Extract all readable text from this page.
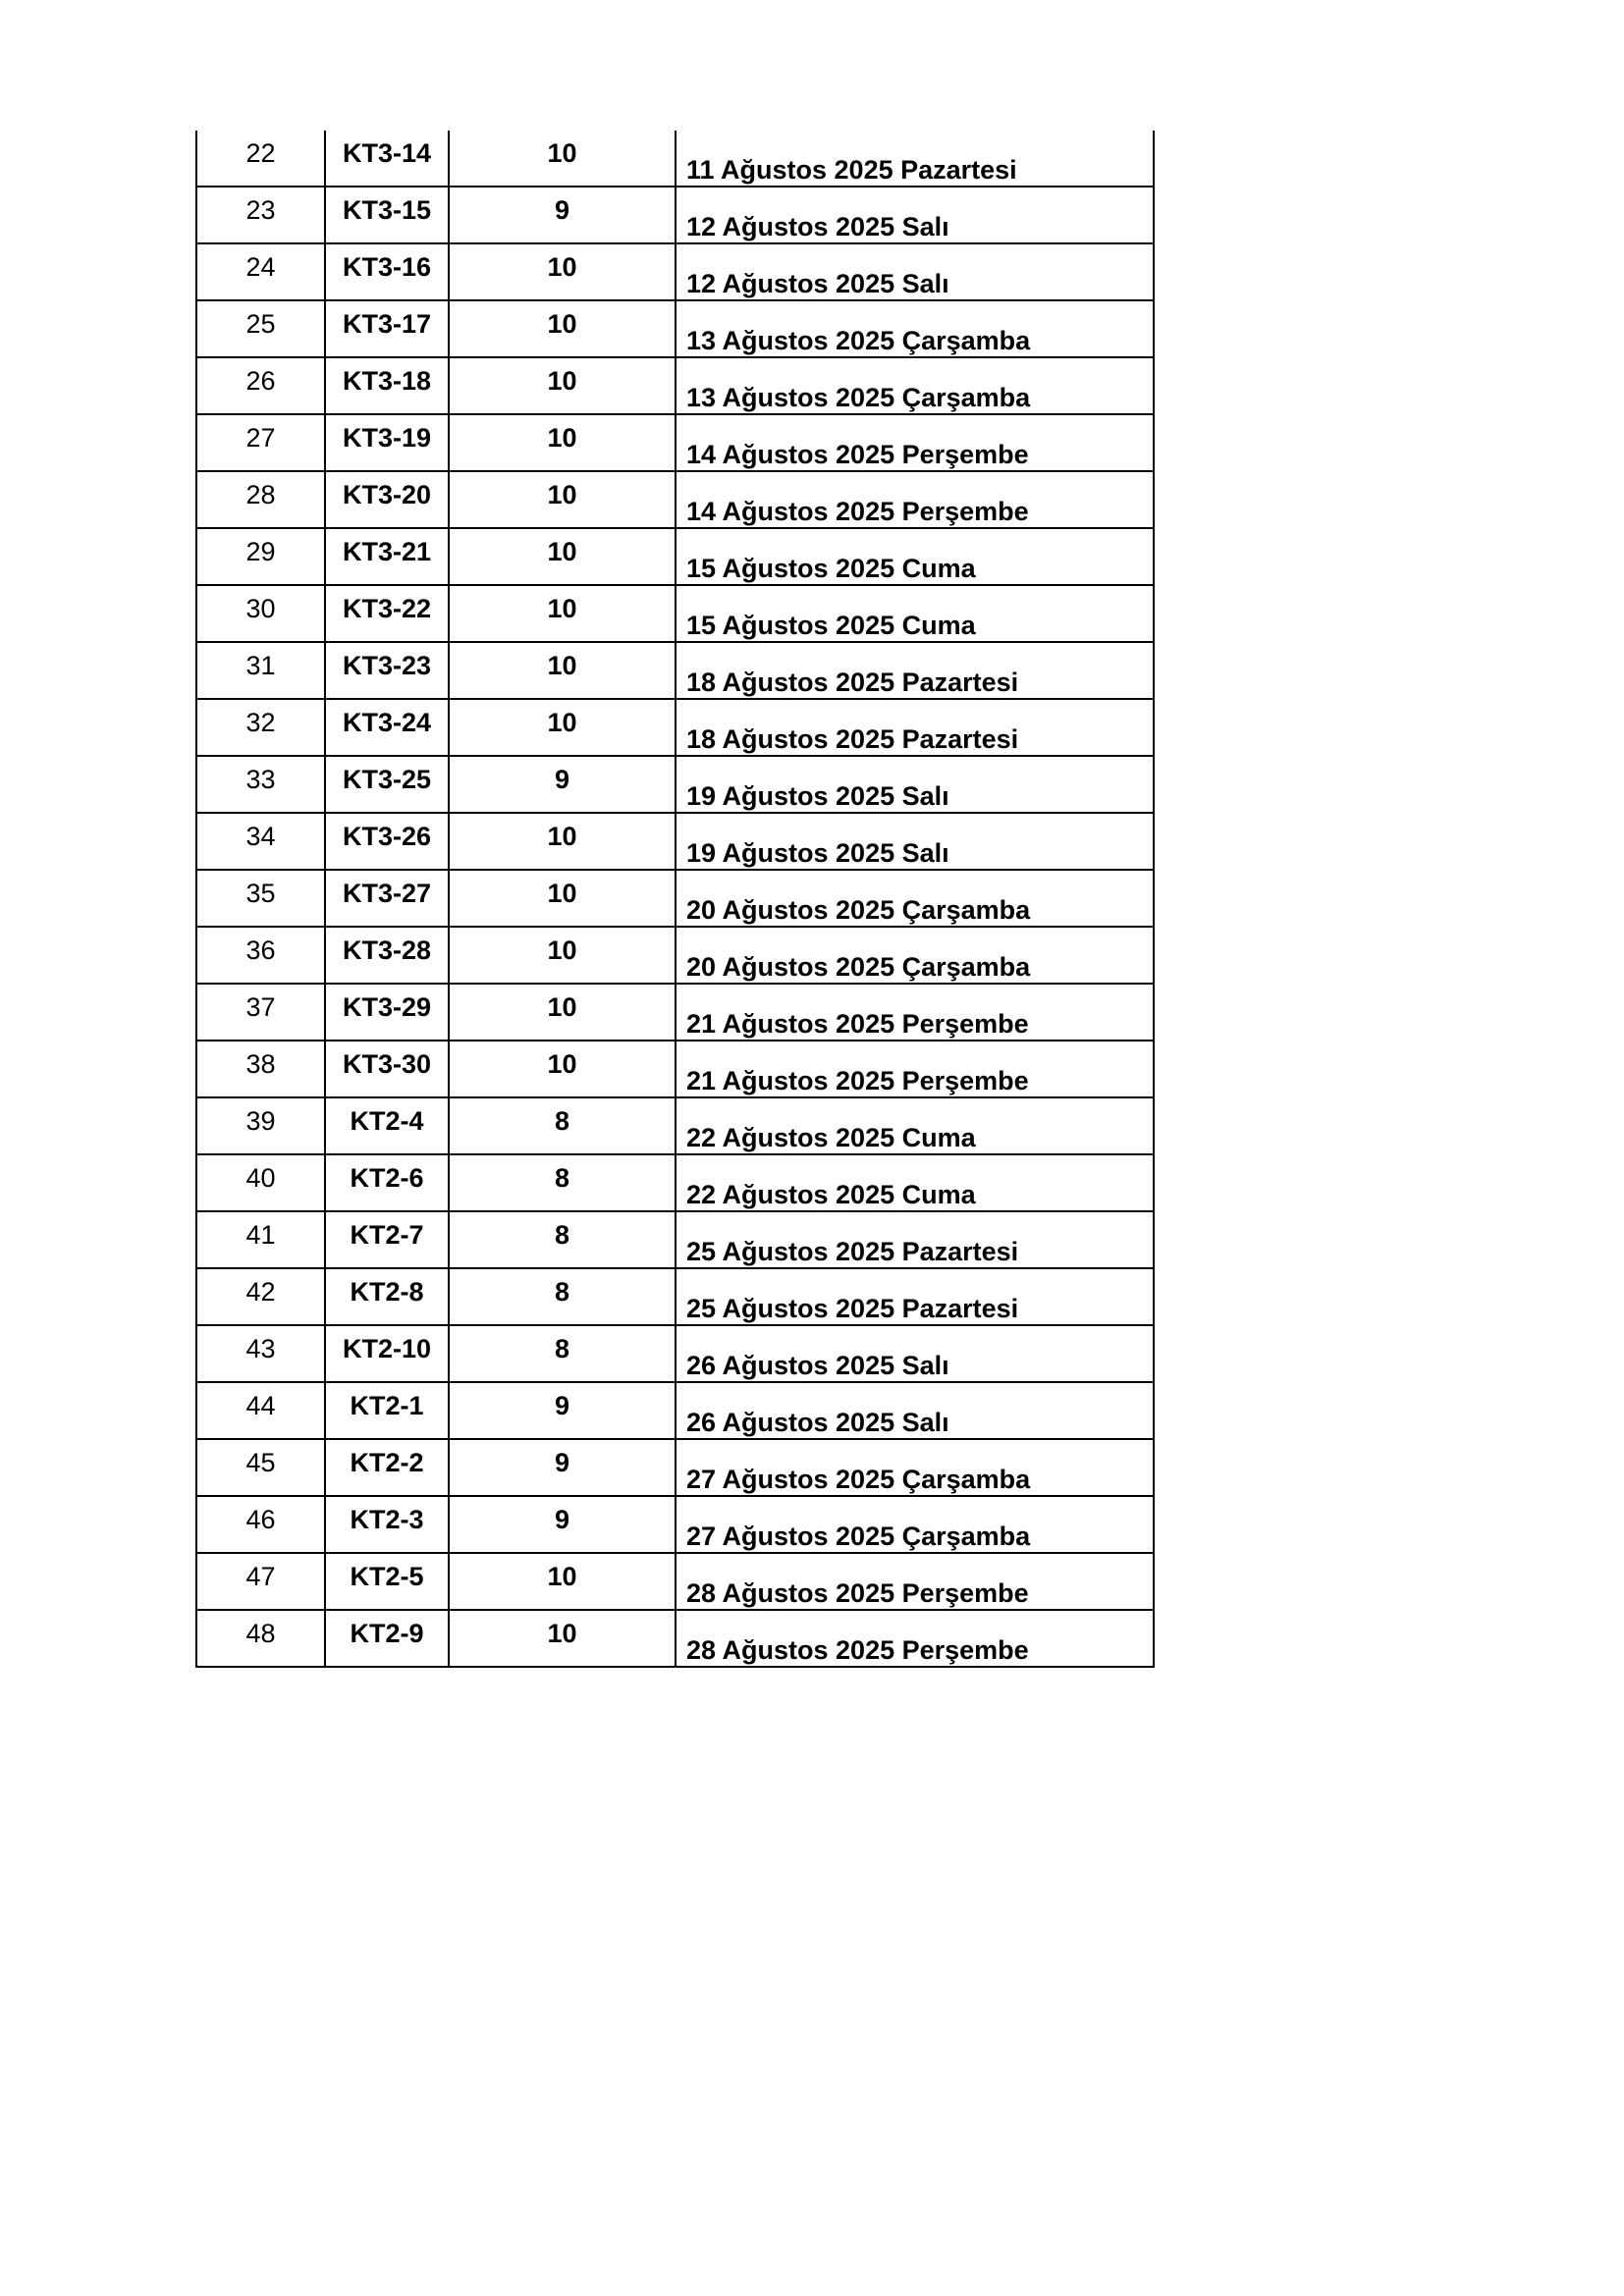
22	KT3-14	10	11 Ağustos 2025 Pazartesi
23	KT3-15	9	12 Ağustos 2025 Salı
24	KT3-16	10	12 Ağustos 2025 Salı
25	KT3-17	10	13 Ağustos 2025 Çarşamba
26	KT3-18	10	13 Ağustos 2025 Çarşamba
27	KT3-19	10	14 Ağustos 2025 Perşembe
28	KT3-20	10	14 Ağustos 2025 Perşembe
29	KT3-21	10	15 Ağustos 2025 Cuma
30	KT3-22	10	15 Ağustos 2025 Cuma
31	KT3-23	10	18 Ağustos 2025 Pazartesi
32	KT3-24	10	18 Ağustos 2025 Pazartesi
33	KT3-25	9	19 Ağustos 2025 Salı
34	KT3-26	10	19 Ağustos 2025 Salı
35	KT3-27	10	20 Ağustos 2025 Çarşamba
36	KT3-28	10	20 Ağustos 2025 Çarşamba
37	KT3-29	10	21 Ağustos 2025 Perşembe
38	KT3-30	10	21 Ağustos 2025 Perşembe
39	KT2-4	8	22 Ağustos 2025 Cuma
40	KT2-6	8	22 Ağustos 2025 Cuma
41	KT2-7	8	25 Ağustos 2025 Pazartesi
42	KT2-8	8	25 Ağustos 2025 Pazartesi
43	KT2-10	8	26 Ağustos 2025 Salı
44	KT2-1	9	26 Ağustos 2025 Salı
45	KT2-2	9	27 Ağustos 2025 Çarşamba
46	KT2-3	9	27 Ağustos 2025 Çarşamba
47	KT2-5	10	28 Ağustos 2025 Perşembe
48	KT2-9	10	28 Ağustos 2025 Perşembe
